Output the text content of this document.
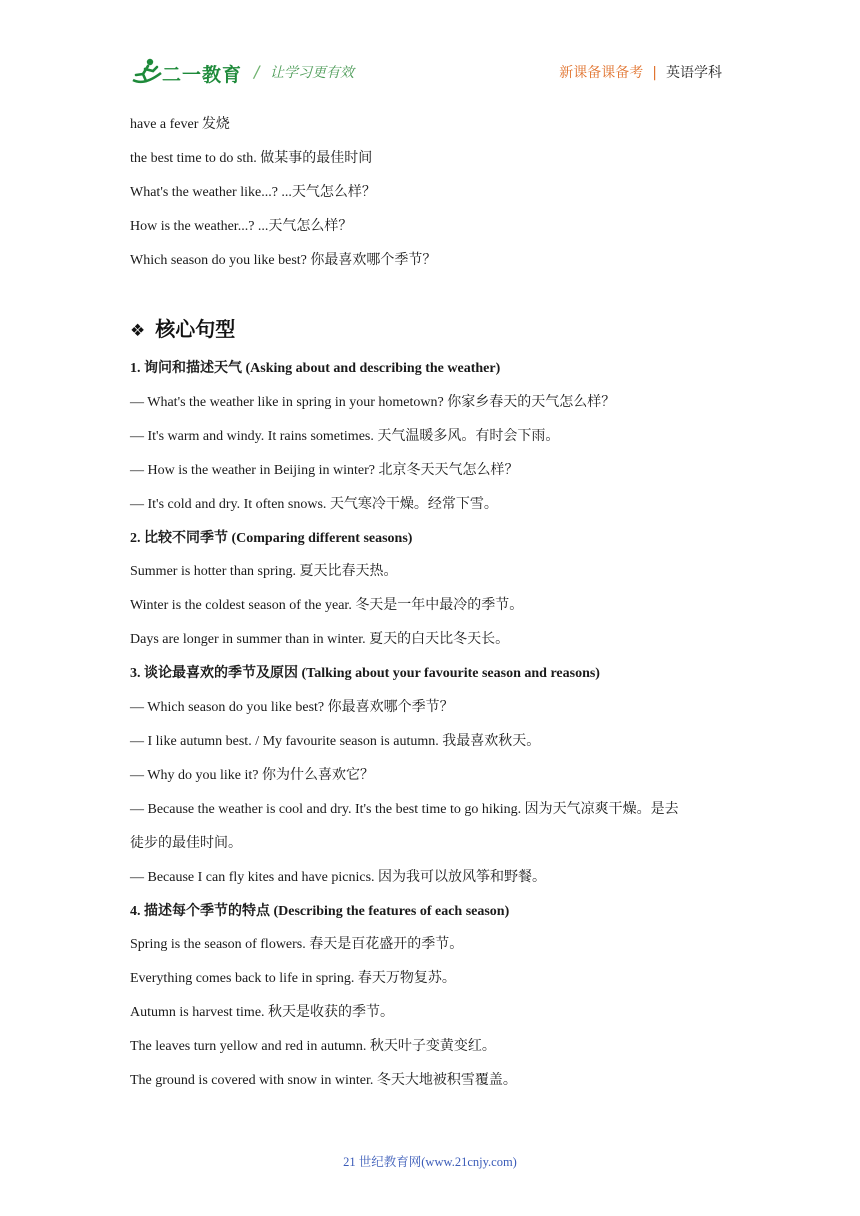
二一教育 / 让学习更有效	新课备课备考 | 英语学科
have a fever 发烧
the best time to do sth. 做某事的最佳时间
What's the weather like...? ...天气怎么样？
How is the weather...? ...天气怎么样？
Which season do you like best? 你最喜欢哪个季节？
❖ 核心句型
1. 询问和描述天气 (Asking about and describing the weather)
— What's the weather like in spring in your hometown? 你家乡春天的天气怎么样？
— It's warm and windy. It rains sometimes. 天气温暖多风。有时会下雨。
— How is the weather in Beijing in winter? 北京冬天天气怎么样？
— It's cold and dry. It often snows. 天气寒冷干燥。经常下雪。
2. 比较不同季节 (Comparing different seasons)
Summer is hotter than spring. 夏天比春天热。
Winter is the coldest season of the year. 冬天是一年中最冷的季节。
Days are longer in summer than in winter. 夏天的白天比冬天长。
3. 谈论最喜欢的季节及原因 (Talking about your favourite season and reasons)
— Which season do you like best? 你最喜欢哪个季节？
— I like autumn best. / My favourite season is autumn. 我最喜欢秋天。
— Why do you like it? 你为什么喜欢它？
— Because the weather is cool and dry. It's the best time to go hiking. 因为天气凉爽干燥。是去
徒步的最佳时间。
— Because I can fly kites and have picnics. 因为我可以放风筝和野餐。
4. 描述每个季节的特点 (Describing the features of each season)
Spring is the season of flowers. 春天是百花盛开的季节。
Everything comes back to life in spring. 春天万物复苏。
Autumn is harvest time. 秋天是收获的季节。
The leaves turn yellow and red in autumn. 秋天叶子变黄变红。
The ground is covered with snow in winter. 冬天大地被积雪覆盖。
21 世纪教育网(www.21cnjy.com)
